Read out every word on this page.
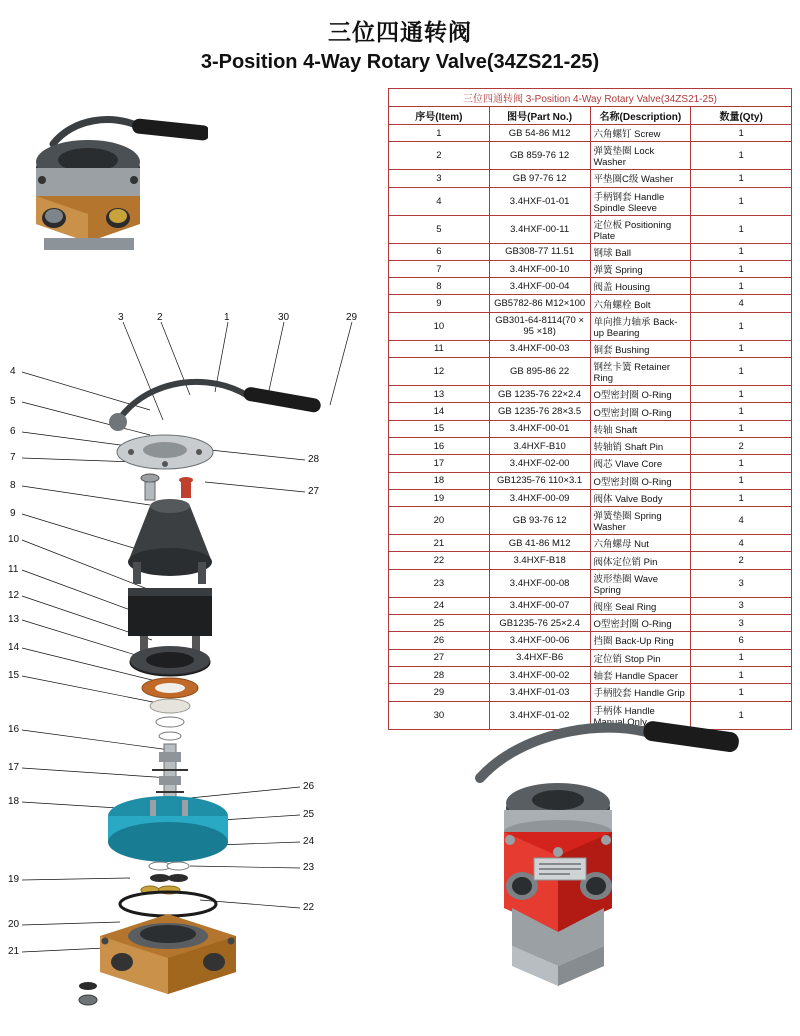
三位四通转阀
3-Position 4-Way Rotary Valve(34ZS21-25)
三位四通转阀 3-Position 4-Way Rotary Valve(34ZS21-25)			
序号(Item)	图号(Part No.)	名称(Description)	数量(Qty)
1	GB 54-86 M12	六角螺钉 Screw	1
2	GB 859-76 12	弹簧垫圈 Lock Washer	1
3	GB 97-76 12	平垫圈C级 Washer	1
4	3.4HXF-01-01	手柄钢套 Handle Spindle Sleeve	1
5	3.4HXF-00-11	定位板 Positioning Plate	1
6	GB308-77 11.51	钢球 Ball	1
7	3.4HXF-00-10	弹簧 Spring	1
8	3.4HXF-00-04	阀盖 Housing	1
9	GB5782-86 M12×100	六角螺栓 Bolt	4
10	GB301-64-8114(70 × 95 ×18)	单向推力轴承 Back-up Bearing	1
11	3.4HXF-00-03	铜套 Bushing	1
12	GB 895-86 22	钢丝卡簧 Retainer Ring	1
13	GB 1235-76 22×2.4	O型密封圈 O-Ring	1
14	GB 1235-76 28×3.5	O型密封圈 O-Ring	1
15	3.4HXF-00-01	转轴 Shaft	1
16	3.4HXF-B10	转轴销 Shaft Pin	2
17	3.4HXF-02-00	阀芯 Vlave Core	1
18	GB1235-76 110×3.1	O型密封圈 O-Ring	1
19	3.4HXF-00-09	阀体 Valve Body	1
20	GB 93-76 12	弹簧垫圈 Spring Washer	4
21	GB 41-86 M12	六角螺母 Nut	4
22	3.4HXF-B18	阀体定位销 Pin	2
23	3.4HXF-00-08	波形垫圈 Wave Spring	3
24	3.4HXF-00-07	阀座 Seal Ring	3
25	GB1235-76 25×2.4	O型密封圈 O-Ring	3
26	3.4HXF-00-06	挡圈 Back-Up Ring	6
27	3.4HXF-B6	定位销 Stop Pin	1
28	3.4HXF-00-02	轴套 Handle Spacer	1
29	3.4HXF-01-03	手柄胶套 Handle Grip	1
30	3.4HXF-01-02	手柄体 Handle Manual Only	1
4
5
6
7
8
9
10
11
12
13
14
15
16
17
18
19
20
21
3	2	1	30	29
28
27
26
25
24
23
22
